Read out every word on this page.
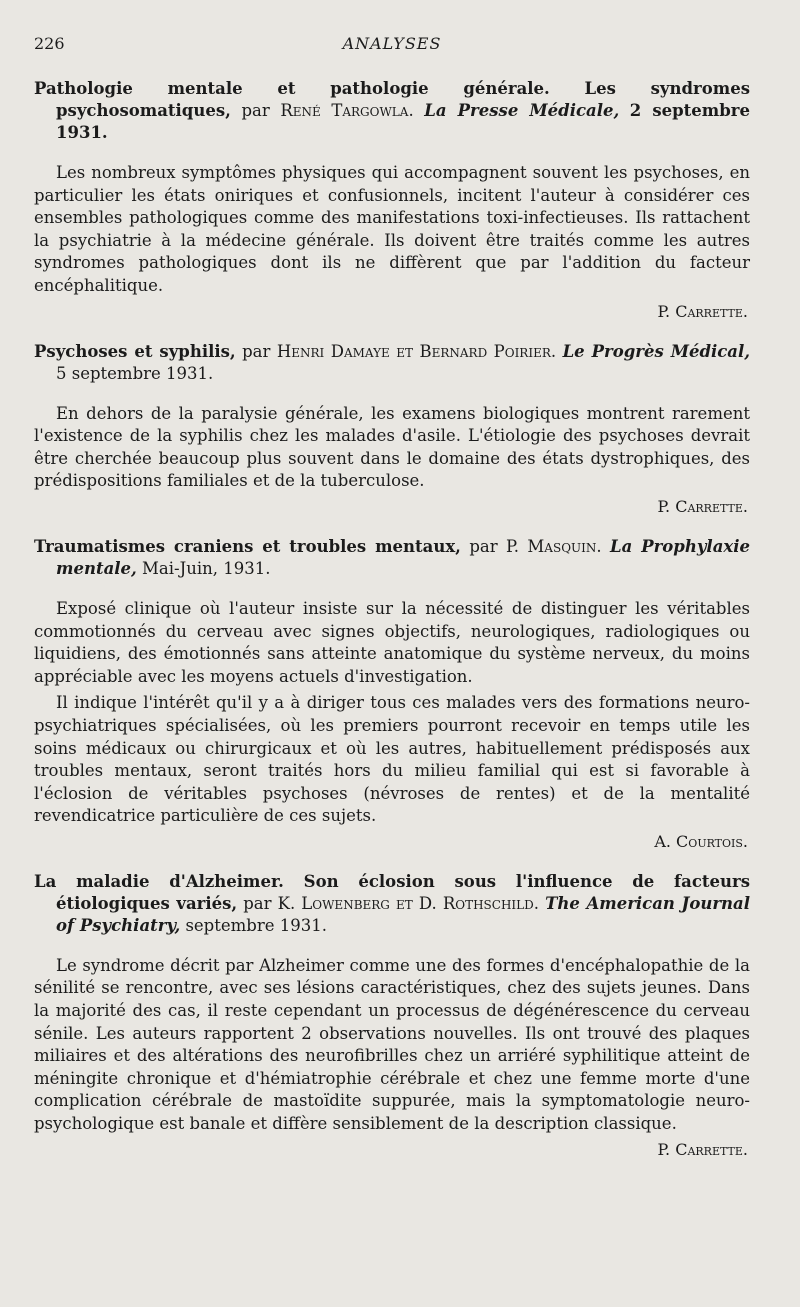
226	ANALYSES

Pathologie mentale et pathologie générale. Les syndromes psychosomatiques, par René Targowla. La Presse Médicale, 2 septembre 1931.

Les nombreux symptômes physiques qui accompagnent souvent les psychoses, en particulier les états oniriques et confusionnels, incitent l'auteur à considérer ces ensembles pathologiques comme des manifestations toxi-infectieuses. Ils rattachent la psychiatrie à la médecine générale. Ils doivent être traités comme les autres syndromes pathologiques dont ils ne diffèrent que par l'addition du facteur encéphalitique.

P. Carrette.

Psychoses et syphilis, par Henri Damaye et Bernard Poirier. Le Progrès Médical, 5 septembre 1931.

En dehors de la paralysie générale, les examens biologiques montrent rarement l'existence de la syphilis chez les malades d'asile. L'étiologie des psychoses devrait être cherchée beaucoup plus souvent dans le domaine des états dystrophiques, des prédispositions familiales et de la tuberculose.

P. Carrette.

Traumatismes craniens et troubles mentaux, par P. Masquin. La Prophylaxie mentale, Mai-Juin, 1931.

Exposé clinique où l'auteur insiste sur la nécessité de distinguer les véritables commotionnés du cerveau avec signes objectifs, neurologiques, radiologiques ou liquidiens, des émotionnés sans atteinte anatomique du système nerveux, du moins appréciable avec les moyens actuels d'investigation.

Il indique l'intérêt qu'il y a à diriger tous ces malades vers des formations neuro-psychiatriques spécialisées, où les premiers pourront recevoir en temps utile les soins médicaux ou chirurgicaux et où les autres, habituellement prédisposés aux troubles mentaux, seront traités hors du milieu familial qui est si favorable à l'éclosion de véritables psychoses (névroses de rentes) et de la mentalité revendicatrice particulière de ces sujets.

A. Courtois.

La maladie d'Alzheimer. Son éclosion sous l'influence de facteurs étiologiques variés, par K. Lowenberg et D. Rothschild. The American Journal of Psychiatry, septembre 1931.

Le syndrome décrit par Alzheimer comme une des formes d'encéphalopathie de la sénilité se rencontre, avec ses lésions caractéristiques, chez des sujets jeunes. Dans la majorité des cas, il reste cependant un processus de dégénérescence du cerveau sénile. Les auteurs rapportent 2 observations nouvelles. Ils ont trouvé des plaques miliaires et des altérations des neurofibrilles chez un arriéré syphilitique atteint de méningite chronique et d'hémiatrophie cérébrale et chez une femme morte d'une complication cérébrale de mastoïdite suppurée, mais la symptomatologie neuro-psychologique est banale et diffère sensiblement de la description classique.

P. Carrette.
